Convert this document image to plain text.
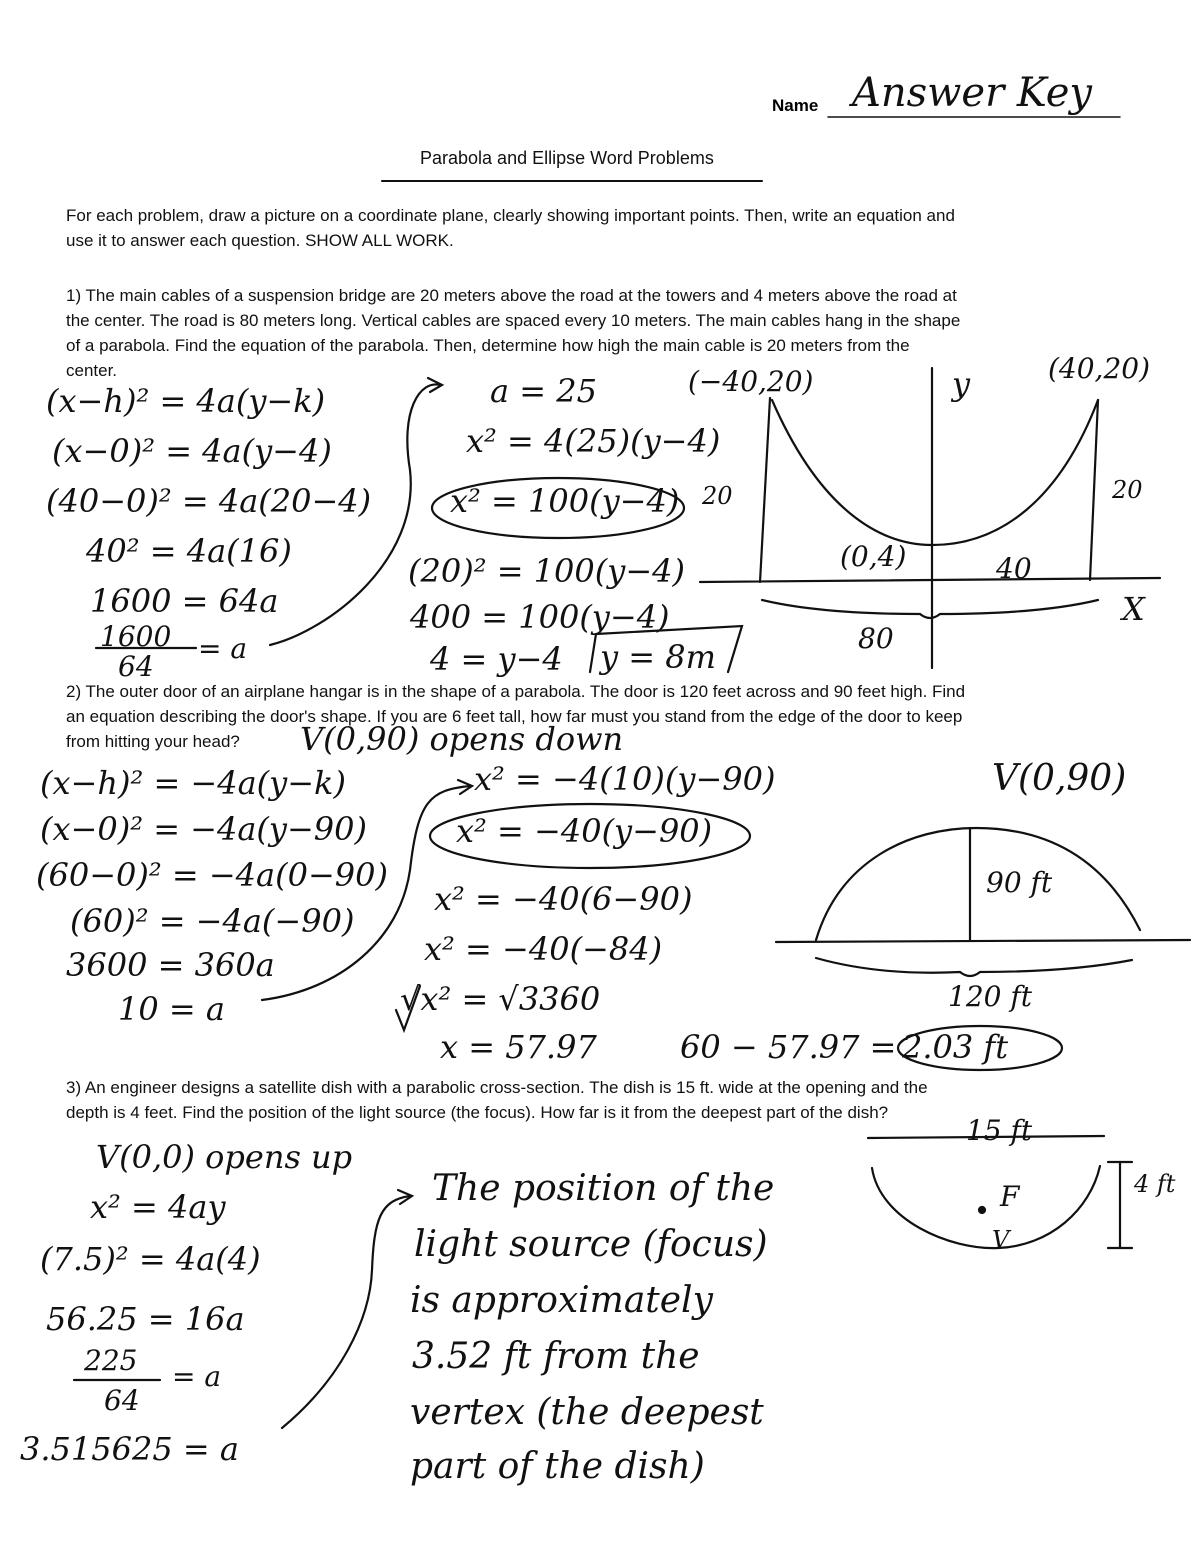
Name Answer Key
Parabola and Ellipse Word Problems
For each problem, draw a picture on a coordinate plane, clearly showing important points. Then, write an equation and
use it to answer each question. SHOW ALL WORK.
1) The main cables of a suspension bridge are 20 meters above the road at the towers and 4 meters above the road at
the center. The road is 80 meters long. Vertical cables are spaced every 10 meters. The main cables hang in the shape
of a parabola. Find the equation of the parabola. Then, determine how high the main cable is 20 meters from the
center.
(x−h)² = 4a(y−k)
(x−0)² = 4a(y−4)
(40−0)² = 4a(20−4)
40² = 4a(16)
1600 = 64a
1600
64
= a
a = 25
x² = 4(25)(y−4)
x² = 100(y−4)
(20)² = 100(y−4)
400 = 100(y−4)
4 = y−4 y = 8m
(−40,20)	(40,20)
y
X
20	20
(0,4)	40
80
2) The outer door of an airplane hangar is in the shape of a parabola. The door is 120 feet across and 90 feet high. Find
an equation describing the door's shape. If you are 6 feet tall, how far must you stand from the edge of the door to keep
from hitting your head? V(0,90) opens down
(x−h)² = −4a(y−k)
(x−0)² = −4a(y−90)
(60−0)² = −4a(0−90)
(60)² = −4a(−90)
3600 = 360a
10 = a
x² = −4(10)(y−90)
x² = −40(y−90)
x² = −40(6−90)
x² = −40(−84)
√x² = √3360
x = 57.97	60 − 57.97 = 2.03 ft
V(0,90)
90 ft
120 ft
3) An engineer designs a satellite dish with a parabolic cross-section. The dish is 15 ft. wide at the opening and the
depth is 4 feet. Find the position of the light source (the focus). How far is it from the deepest part of the dish?
V(0,0) opens up
x² = 4ay
(7.5)² = 4a(4)
56.25 = 16a
225
64
= a
3.515625 = a
The position of the
light source (focus)
is approximately
3.52 ft from the
vertex (the deepest
part of the dish)
15 ft
4 ft
F
V
